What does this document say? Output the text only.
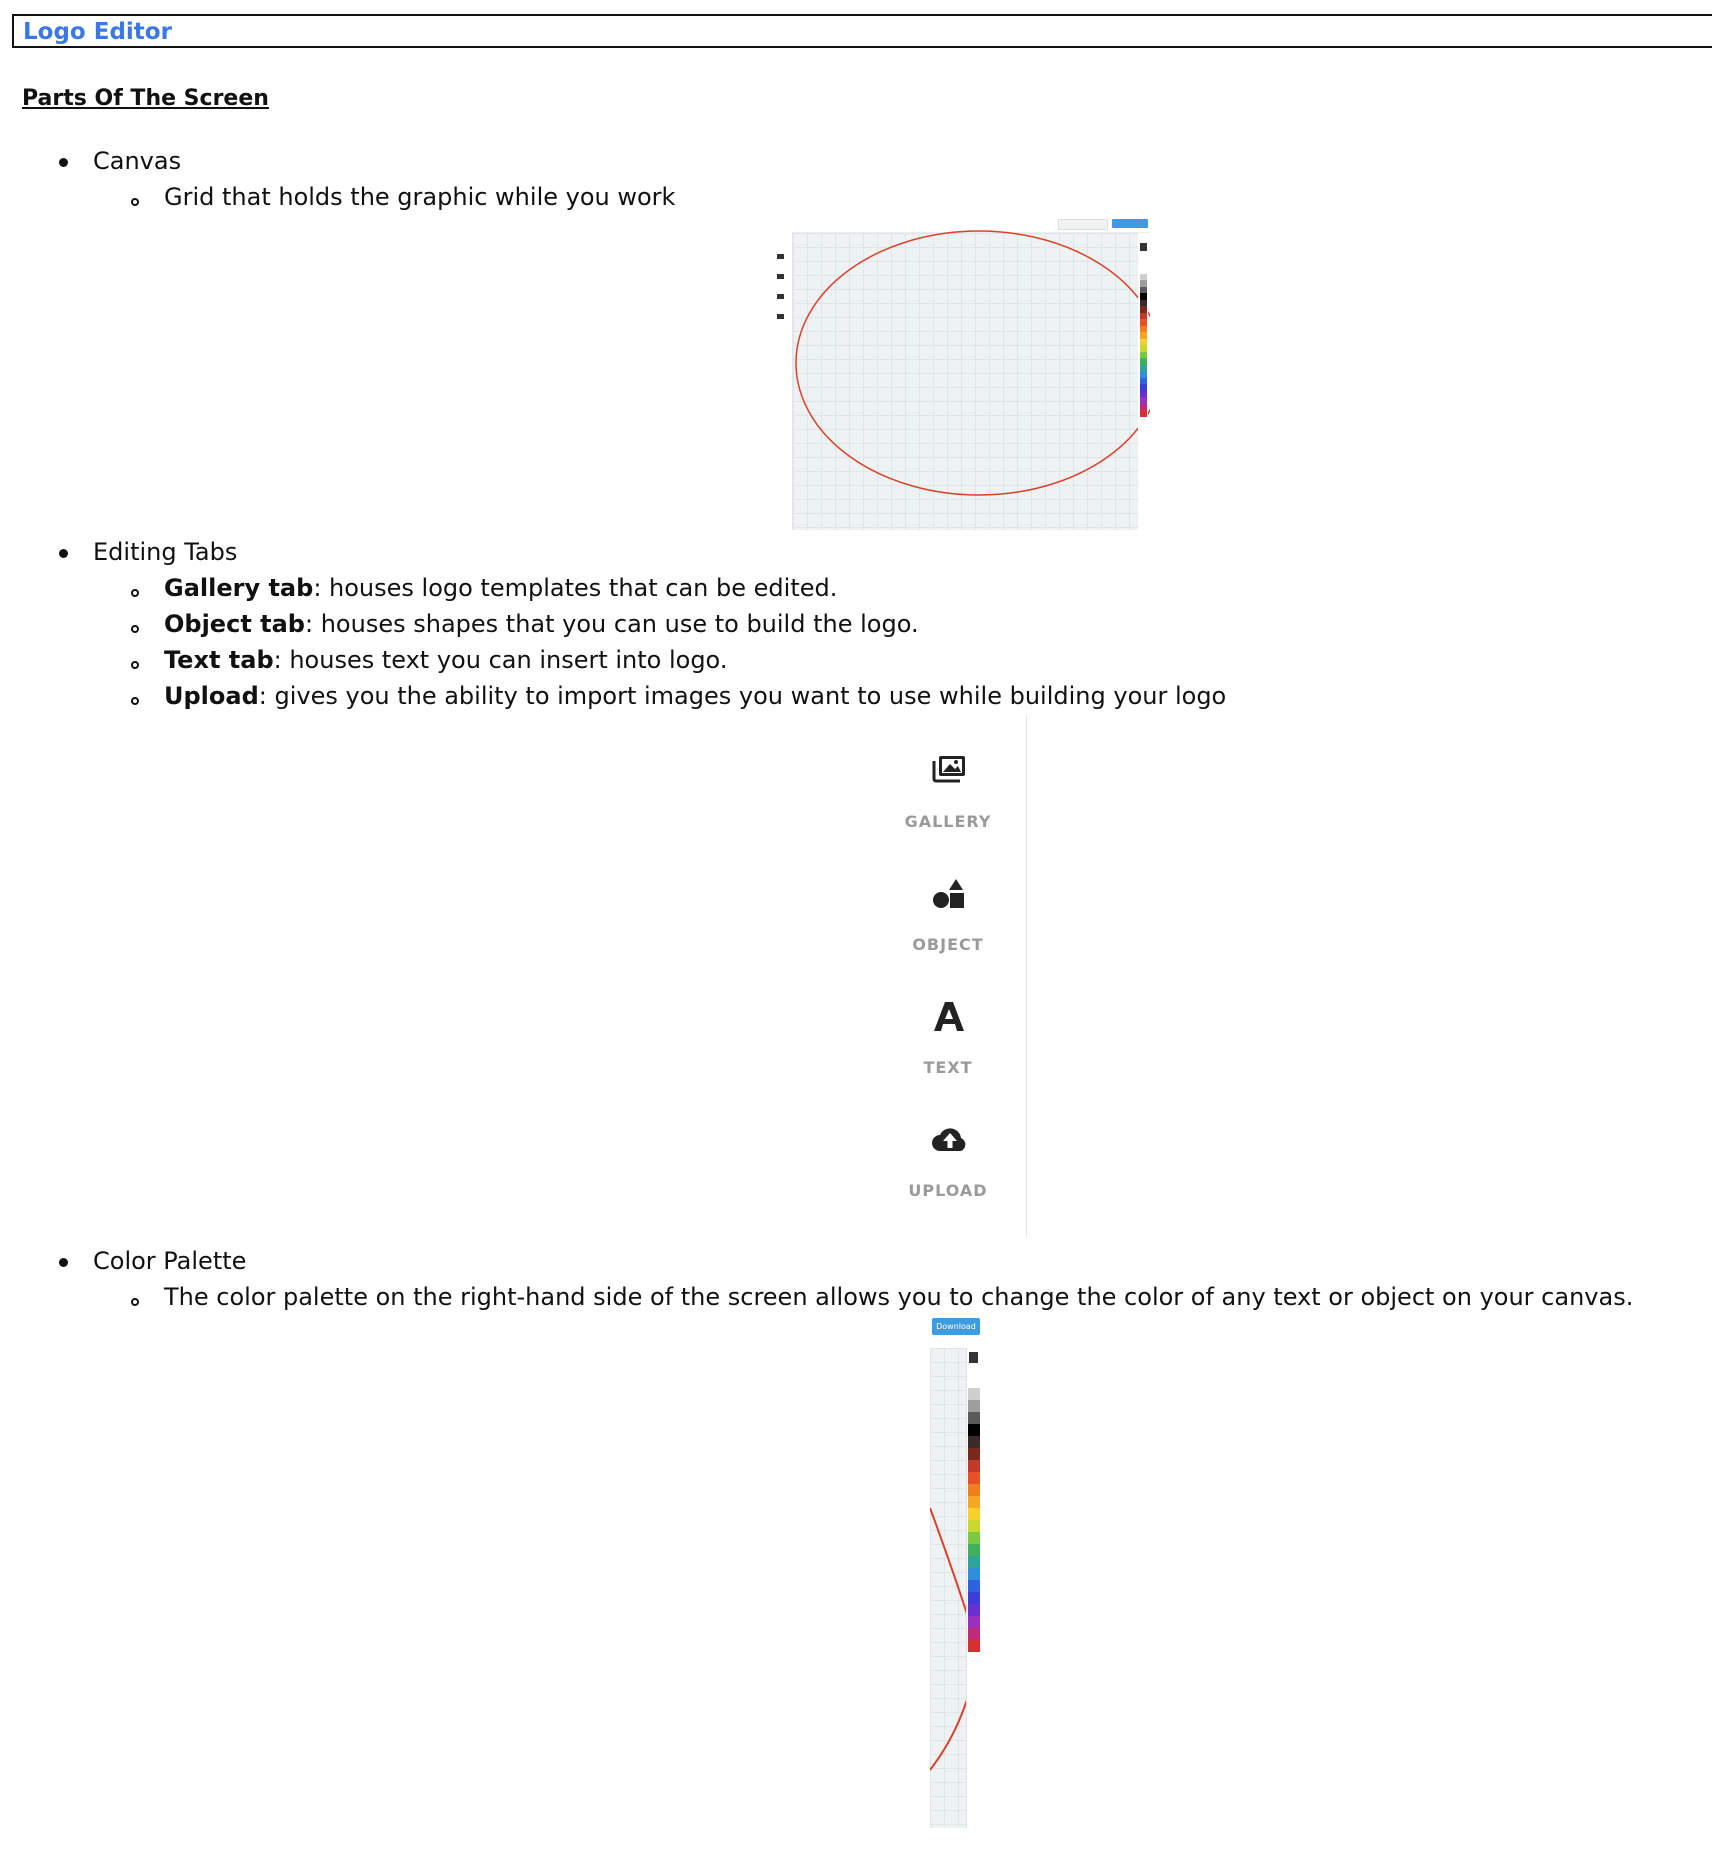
Logo Editor
Parts Of The Screen
Canvas
Grid that holds the graphic while you work
Editing Tabs
Gallery tab: houses logo templates that can be edited.
Object tab: houses shapes that you can use to build the logo.
Text tab: houses text you can insert into logo.
Upload: gives you the ability to import images you want to use while building your logo
GALLERY
OBJECT
TEXT
UPLOAD
Color Palette
The color palette on the right-hand side of the screen allows you to change the color of any text or object on your canvas.
Download
